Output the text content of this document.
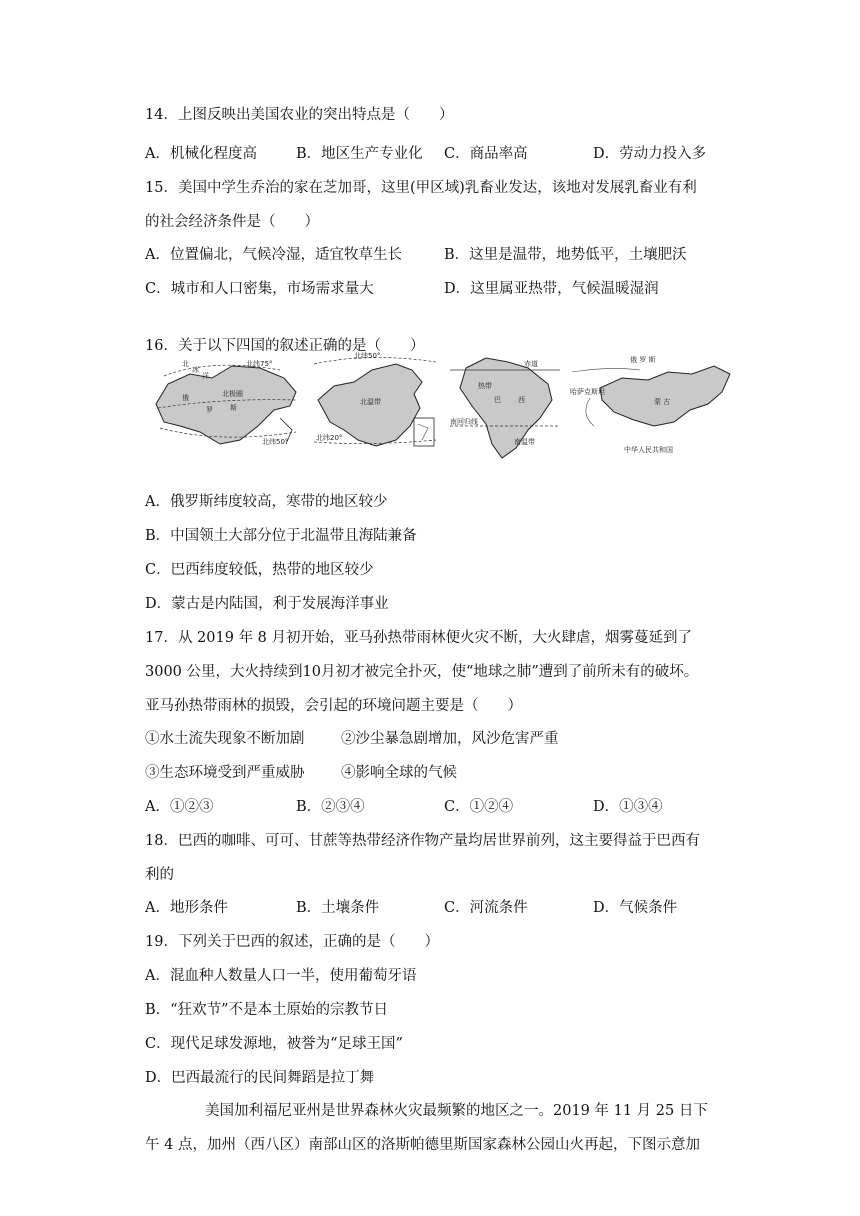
14．上图反映出美国农业的突出特点是（　　）
A．机械化程度高	B．地区生产专业化 C．商品率高	D．劳动力投入多
15．美国中学生乔治的家在芝加哥，这里(甲区域)乳畜业发达，该地对发展乳畜业有利
的社会经济条件是（　　）
A．位置偏北，气候冷湿，适宜牧草生长	B．这里是温带，地势低平，土壤肥沃
C．城市和人口密集，市场需求量大	D．这里属亚热带，气候温暖湿润
16．关于以下四国的叙述正确的是（　　）
北
冰
洋
北纬75°
北极圈
俄
罗 斯
北纬50°
北纬50°
北温带
北纬20°
赤道
热带
巴 西
南回归线
南温带
俄 罗 斯
哈萨克斯坦
蒙 古
中华人民共和国
A．俄罗斯纬度较高，寒带的地区较少
B．中国领土大部分位于北温带且海陆兼备
C．巴西纬度较低，热带的地区较少
D．蒙古是内陆国，利于发展海洋事业
17．从 2019 年 8 月初开始，亚马孙热带雨林便火灾不断，大火肆虐，烟雾蔓延到了
3000 公里，大火持续到10月初才被完全扑灭，使“地球之肺”遭到了前所未有的破坏。
亚马孙热带雨林的损毁，会引起的环境问题主要是（　　）
①水土流失现象不断加剧	②沙尘暴急剧增加，风沙危害严重
③生态环境受到严重威胁	④影响全球的气候
A．①②③	B．②③④	C．①②④	D．①③④
18．巴西的咖啡、可可、甘蔗等热带经济作物产量均居世界前列，这主要得益于巴西有
利的
A．地形条件	B．土壤条件	C．河流条件	D．气候条件
19．下列关于巴西的叙述，正确的是（　　）
A．混血种人数量人口一半，使用葡萄牙语
B．“狂欢节”不是本土原始的宗教节日
C．现代足球发源地，被誉为“足球王国”
D．巴西最流行的民间舞蹈是拉丁舞
美国加利福尼亚州是世界森林火灾最频繁的地区之一。2019 年 11 月 25 日下
午 4 点，加州（西八区）南部山区的洛斯帕德里斯国家森林公园山火再起，下图示意加
